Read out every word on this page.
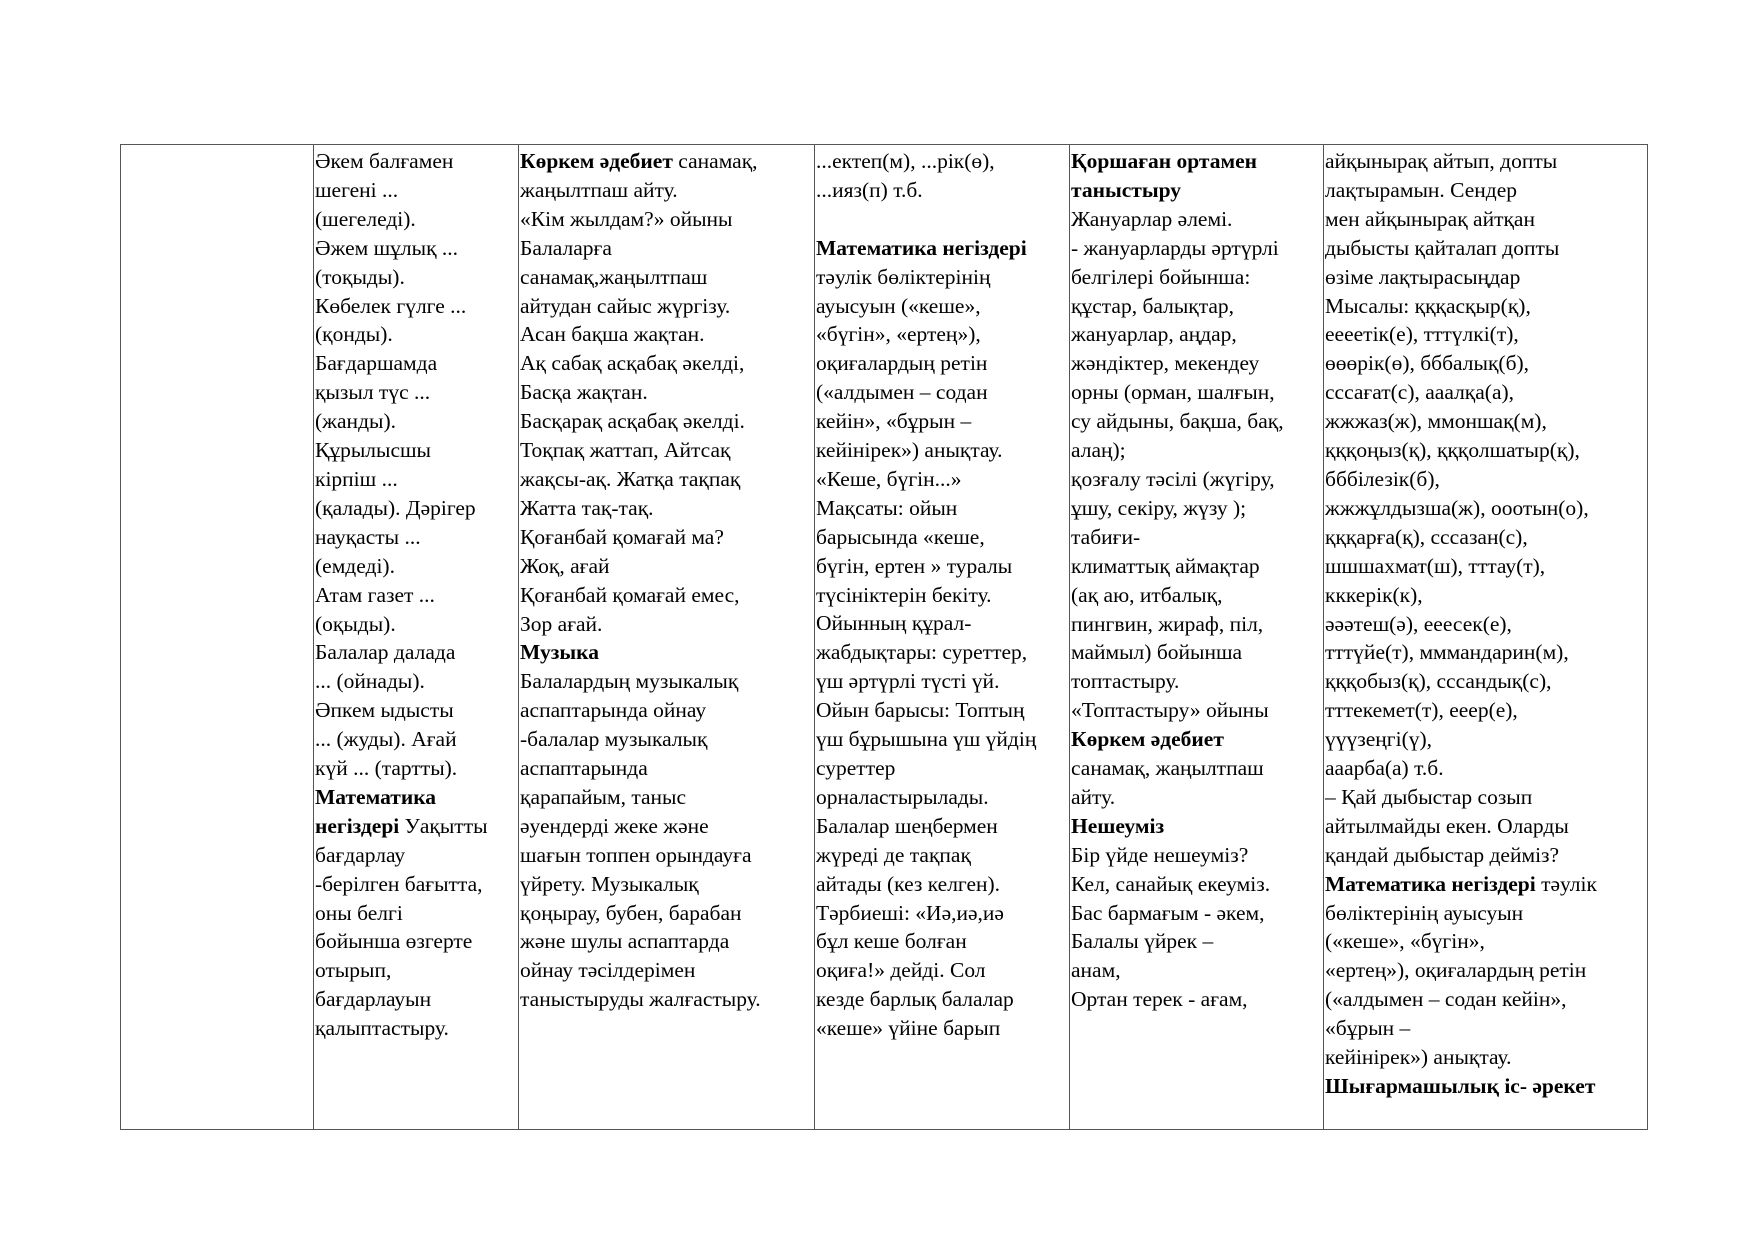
Әкем балғамен
шегені ...
(шегеледі).
Әжем шұлық ...
(тоқыды).
Көбелек гүлге ...
(қонды).
Бағдаршамда
қызыл түс ...
(жанды).
Құрылысшы
кірпіш ...
(қалады). Дәрігер
науқасты ...
(емдеді).
Атам газет ...
(оқыды).
Балалар далада
... (ойнады).
Әпкем ыдысты
... (жуды). Ағай
күй ... (тартты).
Математика
негіздері Уақытты
бағдарлау
-берілген бағытта,
оны белгі
бойынша өзгерте
отырып,
бағдарлауын
қалыптастыру.

Көркем әдебиет санамақ,
жаңылтпаш айту.
«Кім жылдам?» ойыны
Балаларға
санамақ,жаңылтпаш
айтудан сайыс жүргізу.
Асан бақша жақтан.
Ақ сабақ асқабақ әкелді,
Басқа жақтан.
Басқарақ асқабақ әкелді.
Тоқпақ жаттап, Айтсақ
жақсы-ақ. Жатқа тақпақ
Жатта тақ-тақ.
Қоғанбай қомағай ма?
Жоқ, ағай
Қоғанбай қомағай емес,
Зор ағай.
Музыка
Балалардың музыкалық
аспаптарында ойнау
-балалар музыкалық
аспаптарында
қарапайым, таныс
әуендерді жеке және
шағын топпен орындауға
үйрету. Музыкалық
қоңырау, бубен, барабан
және шулы аспаптарда
ойнау тәсілдерімен
таныстыруды жалғастыру.

...ектеп(м), ...рік(ө),
...ияз(п) т.б.
Математика негіздері
тәулік бөліктерінің
ауысуын («кеше»,
«бүгін», «ертең»),
оқиғалардың ретін
(«алдымен – содан
кейін», «бұрын –
кейінірек») анықтау.
«Кеше, бүгін...»
Мақсаты: ойын
барысында «кеше,
бүгін, ертен » туралы
түсініктерін бекіту.
Ойынның құрал-
жабдықтары: суреттер,
үш әртүрлі түсті үй.
Ойын барысы: Топтың
үш бұрышына үш үйдің
суреттер
орналастырылады.
Балалар шеңбермен
жүреді де тақпақ
айтады (кез келген).
Тәрбиеші: «Иә,иә,иә
бұл кеше болған
оқиға!» дейді. Сол
кезде барлық балалар
«кеше» үйіне барып

Қоршаған ортамен
таныстыру
Жануарлар әлемі.
- жануарларды әртүрлі
белгілері бойынша:
құстар, балықтар,
жануарлар, аңдар,
жәндіктер, мекендеу
орны (орман, шалғын,
су айдыны, бақша, бақ,
алаң);
қозғалу тәсілі (жүгіру,
ұшу, секіру, жүзу );
табиғи-
климаттық аймақтар
(ақ аю, итбалық,
пингвин, жираф, піл,
маймыл) бойынша
топтастыру.
«Топтастыру» ойыны
Көркем әдебиет
санамақ, жаңылтпаш
айту.
Нешеуміз
Бір үйде нешеуміз?
Кел, санайық екеуміз.
Бас бармағым - әкем,
Балалы үйрек –
анам,
Ортан терек - ағам,

айқынырақ айтып, допты
лақтырамын. Сендер
мен айқынырақ айтқан
дыбысты қайталап допты
өзіме лақтырасыңдар
Мысалы: қққасқыр(қ),
еееетік(е), тттүлкі(т),
өөөрік(ө), бббалық(б),
сссағат(с), ааалқа(а),
жжжаз(ж), ммоншақ(м),
қққоңыз(қ), қққолшатыр(қ),
бббілезік(б),
жжжұлдызша(ж), ооотын(о),
қққарға(қ), сссазан(с),
шшшахмат(ш), тттау(т),
кккерік(к),
әәәтеш(ә), ееесек(е),
тттүйе(т), мммандарин(м),
қққобыз(қ), сссандық(с),
тттекемет(т), еeер(е),
үүүзеңгі(ү),
ааарба(а) т.б.
– Қай дыбыстар созып
айтылмайды екен. Оларды
қандай дыбыстар дейміз?
Математика негіздері тәулік
бөліктерінің ауысуын
(«кеше», «бүгін»,
«ертең»), оқиғалардың ретін
(«алдымен – содан кейін»,
«бұрын –
кейінірек») анықтау.
Шығармашылық іс- әрекет
